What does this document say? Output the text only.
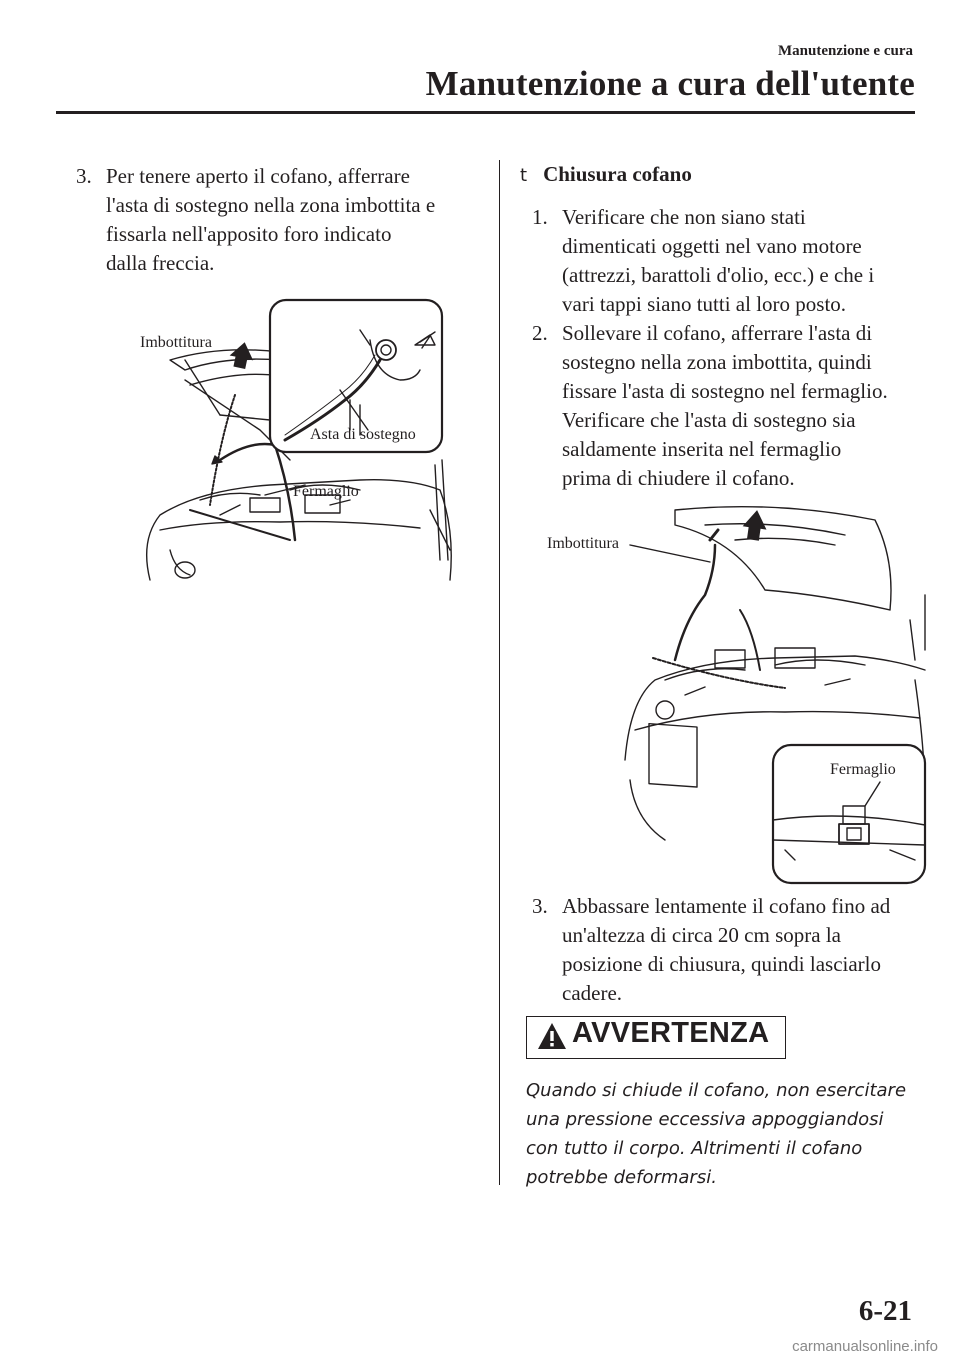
Manutenzione e cura
Manutenzione a cura dell'utente
3. Per tenere aperto il cofano, afferrare
l'asta di sostegno nella zona imbottita e
fissarla nell'apposito foro indicato
dalla freccia.
Imbottitura
Asta di sostegno
Fermaglio
t Chiusura cofano
1. Verificare che non siano stati
dimenticati oggetti nel vano motore
(attrezzi, barattoli d'olio, ecc.) e che i
vari tappi siano tutti al loro posto.
2. Sollevare il cofano, afferrare l'asta di
sostegno nella zona imbottita, quindi
fissare l'asta di sostegno nel fermaglio.
Verificare che l'asta di sostegno sia
saldamente inserita nel fermaglio
prima di chiudere il cofano.
Imbottitura
Fermaglio
3. Abbassare lentamente il cofano fino ad
un'altezza di circa 20 cm sopra la
posizione di chiusura, quindi lasciarlo
cadere.
AVVERTENZA
Quando si chiude il cofano, non esercitare
una pressione eccessiva appoggiandosi
con tutto il corpo. Altrimenti il cofano
potrebbe deformarsi.
6-21
carmanualsonline.info
